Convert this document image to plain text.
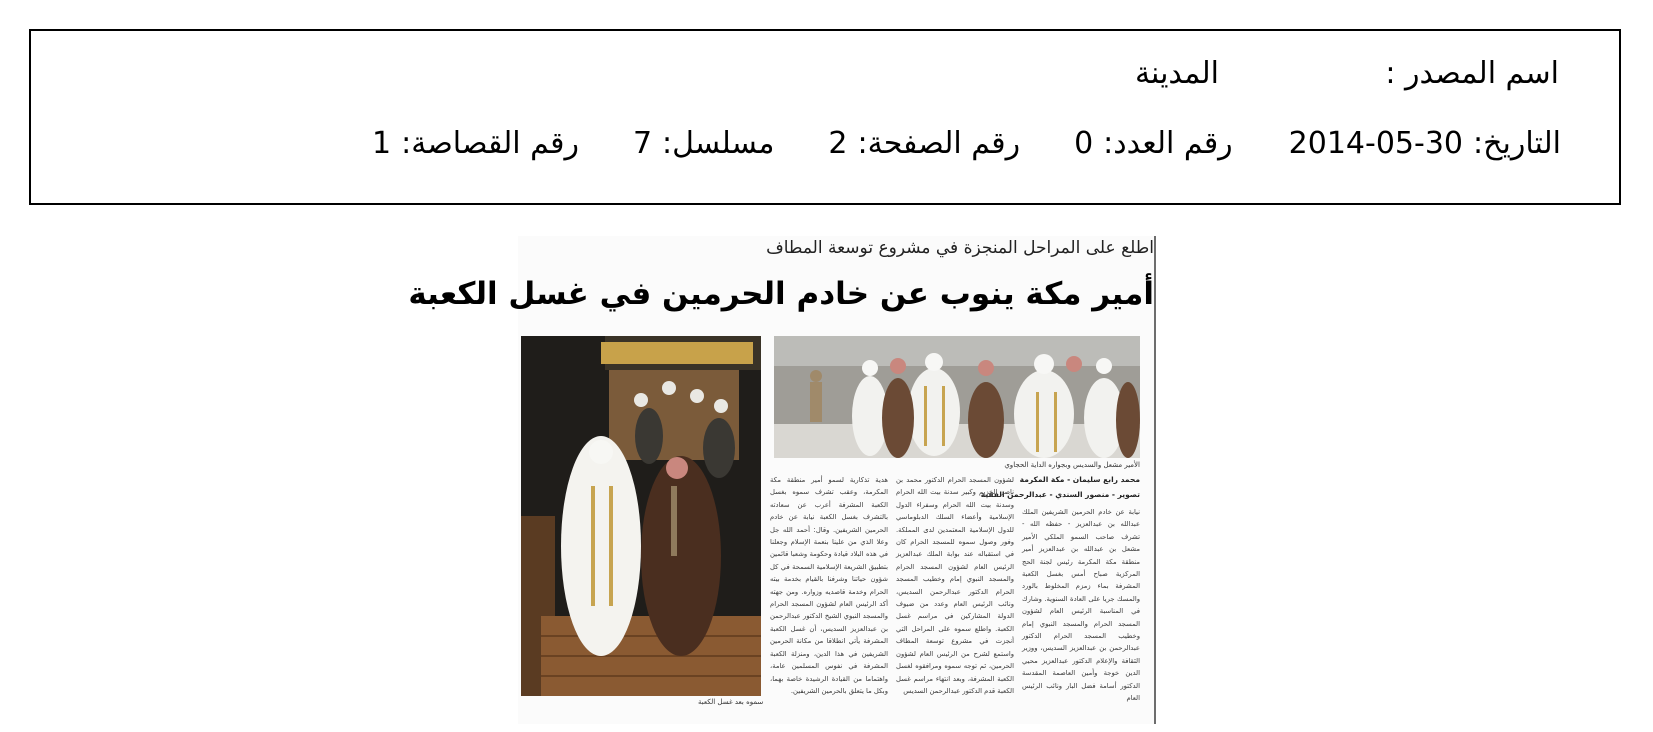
اسم المصدر :
المدينة
التاريخ:2014-05-30رقم العدد:0رقم الصفحة:2مسلسل:7رقم القصاصة:1
اطلع على المراحل المنجزة في مشروع توسعة المطاف
أمير مكة ينوب عن خادم الحرمين في غسل الكعبة
الأمير مشعل والسديس وبجواره الداية الحجاوي
سموه بعد غسل الكعبة
محمد رابع سليمان - مكة المكرمة
تصوير - منصور السندي - عبدالرحمن الفقيه

نيابة عن خادم الحرمين الشريفين الملك عبدالله بن عبدالعزيز - حفظه الله - تشرف صاحب السمو الملكي الأمير مشعل بن عبدالله بن عبدالعزيز أمير منطقة مكة المكرمة رئيس لجنة الحج المركزية صباح أمس بغسل الكعبة المشرفة بماء زمزم المخلوط بالورد والمسك جريا على العادة السنوية. وشارك في المناسبة الرئيس العام لشؤون المسجد الحرام والمسجد النبوي إمام وخطيب المسجد الحرام الدكتور عبدالرحمن بن عبدالعزيز السديس، ووزير الثقافة والإعلام الدكتور عبدالعزيز محيي الدين خوجة وأمين العاصمة المقدسة الدكتور أسامة فضل البار ونائب الرئيس العام

لشؤون المسجد الحرام الدكتور محمد بن ناصر الخزيم وكبير سدنة بيت الله الحرام وسدنة بيت الله الحرام وسفراء الدول الإسلامية وأعضاء السلك الدبلوماسي للدول الإسلامية المعتمدين لدى المملكة. وفور وصول سموه للمسجد الحرام كان في استقباله عند بوابة الملك عبدالعزيز الرئيس العام لشؤون المسجد الحرام والمسجد النبوي إمام وخطيب المسجد الحرام الدكتور عبدالرحمن السديس، ونائب الرئيس العام وعدد من ضيوف الدولة المشاركين في مراسم غسل الكعبة. واطلع سموه على المراحل التي أنجزت في مشروع توسعة المطاف واستمع لشرح من الرئيس العام لشؤون الحرمين، ثم توجه سموه ومرافقوه لغسل الكعبة المشرفة، وبعد انتهاء مراسم غسل الكعبة قدم الدكتور عبدالرحمن السديس

هدية تذكارية لسمو أمير منطقة مكة المكرمة، وعقب تشرف سموه بغسل الكعبة المشرفة أعرب عن سعادته بالتشرف بغسل الكعبة نيابة عن خادم الحرمين الشريفين. وقال: أحمد الله جل وعلا الذي من علينا بنعمة الإسلام وجعلنا في هذه البلاد قيادة وحكومة وشعبا قائمين بتطبيق الشريعة الإسلامية السمحة في كل شؤون حياتنا وشرفنا بالقيام بخدمة بيته الحرام وخدمة قاصديه وزواره. ومن جهته أكد الرئيس العام لشؤون المسجد الحرام والمسجد النبوي الشيخ الدكتور عبدالرحمن بن عبدالعزيز السديس، أن غسل الكعبة المشرفة يأتي انطلاقا من مكانة الحرمين الشريفين في هذا الدين، ومنزلة الكعبة المشرفة في نفوس المسلمين عامة، واهتماما من القيادة الرشيدة خاصة بهما، وبكل ما يتعلق بالحرمين الشريفين.
